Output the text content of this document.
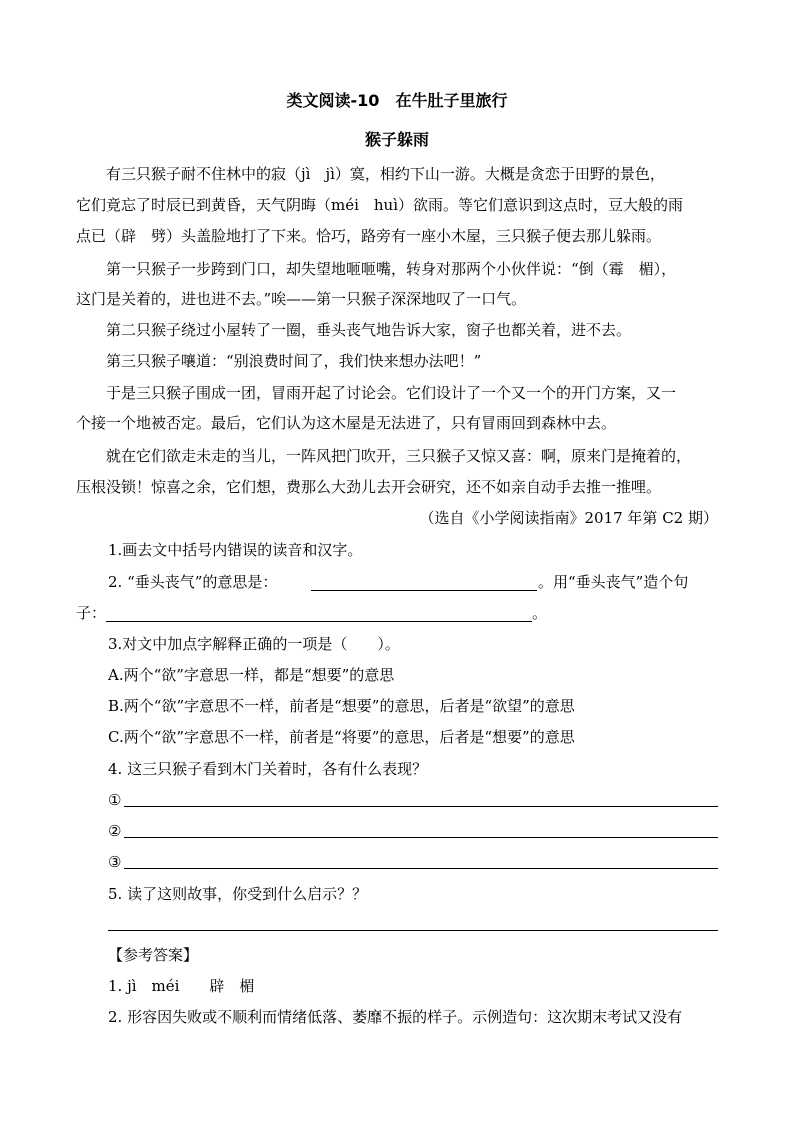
类文阅读-10　在牛肚子里旅行
猴子躲雨
　　有三只猴子耐不住林中的寂（jì　jì）寞，相约下山一游。大概是贪恋于田野的景色，
它们竟忘了时辰已到黄昏，天气阴晦（méi　huì）欲雨。等它们意识到这点时，豆大般的雨
点已（辟　劈）头盖脸地打了下来。恰巧，路旁有一座小木屋，三只猴子便去那儿躲雨。
　　第一只猴子一步跨到门口，却失望地咂咂嘴，转身对那两个小伙伴说：“倒（霉　楣），
这门是关着的，进也进不去。”唉——第一只猴子深深地叹了一口气。
　　第二只猴子绕过小屋转了一圈，垂头丧气地告诉大家，窗子也都关着，进不去。
　　第三只猴子嚷道：“别浪费时间了，我们快来想办法吧！”
　　于是三只猴子围成一团，冒雨开起了讨论会。它们设计了一个又一个的开门方案，又一
个接一个地被否定。最后，它们认为这木屋是无法进了，只有冒雨回到森林中去。
　　就在它们欲走未走的当儿，一阵风把门吹开，三只猴子又惊又喜：啊，原来门是掩着的，
压根没锁！惊喜之余，它们想，费那么大劲儿去开会研究，还不如亲自动手去推一推哩。
（选自《小学阅读指南》2017 年第 C2 期）
1.画去文中括号内错误的读音和汉字。
2. “垂头丧气”的意思是：	。用“垂头丧气”造个句
子：	。
3.对文中加点字解释正确的一项是（　　）。
A.两个“欲”字意思一样，都是“想要”的意思
B.两个“欲”字意思不一样，前者是“想要”的意思，后者是“欲望”的意思
C.两个“欲”字意思不一样，前者是“将要”的意思，后者是“想要”的意思
4. 这三只猴子看到木门关着时，各有什么表现？
①
②
③
5. 读了这则故事，你受到什么启示？？
【参考答案】
1. jì　méi　　辟　楣
2. 形容因失败或不顺利而情绪低落、萎靡不振的样子。示例造句：这次期末考试又没有
